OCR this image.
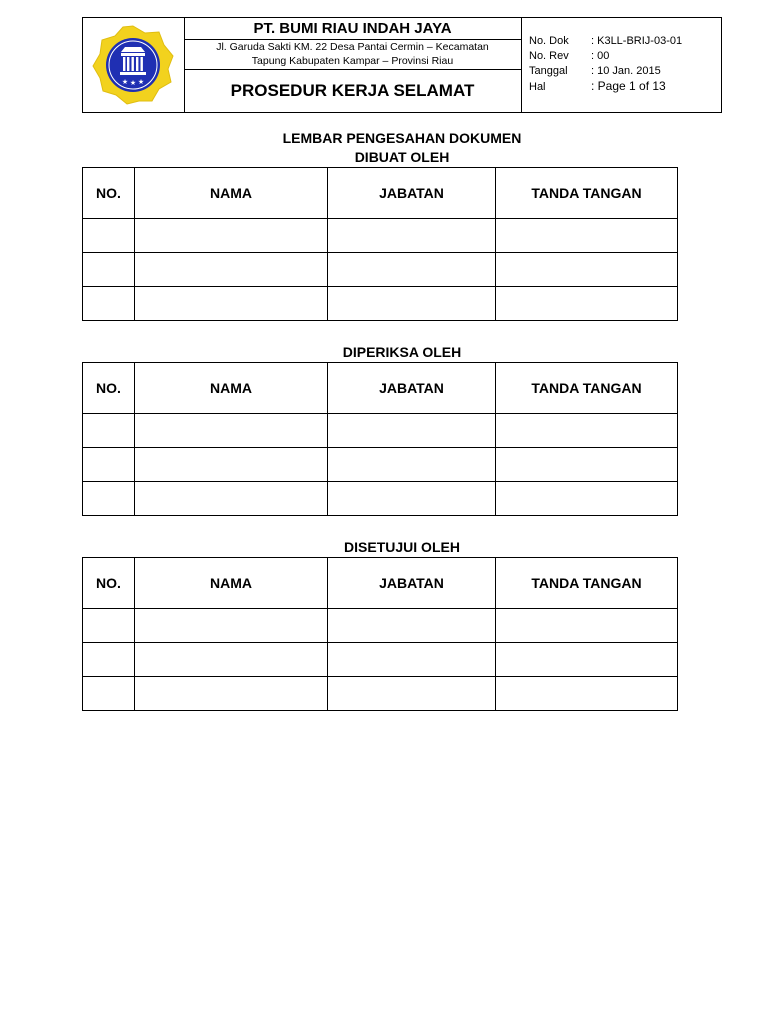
★ ★ ★
PT. BUMI RIAU INDAH JAYA
Jl. Garuda Sakti KM. 22 Desa Pantai Cermin – Kecamatan
Tapung Kabupaten Kampar – Provinsi Riau
PROSEDUR KERJA SELAMAT
No. Dok : K3LL-BRIJ-03-01
No. Rev : 00
Tanggal : 10 Jan. 2015
Hal	: Page 1 of 13
LEMBAR PENGESAHAN DOKUMEN
DIBUAT OLEH
NO.	NAMA	JABATAN	TANDA TANGAN

DIPERIKSA OLEH
NO.	NAMA	JABATAN	TANDA TANGAN

DISETUJUI OLEH
NO.	NAMA	JABATAN	TANDA TANGAN
